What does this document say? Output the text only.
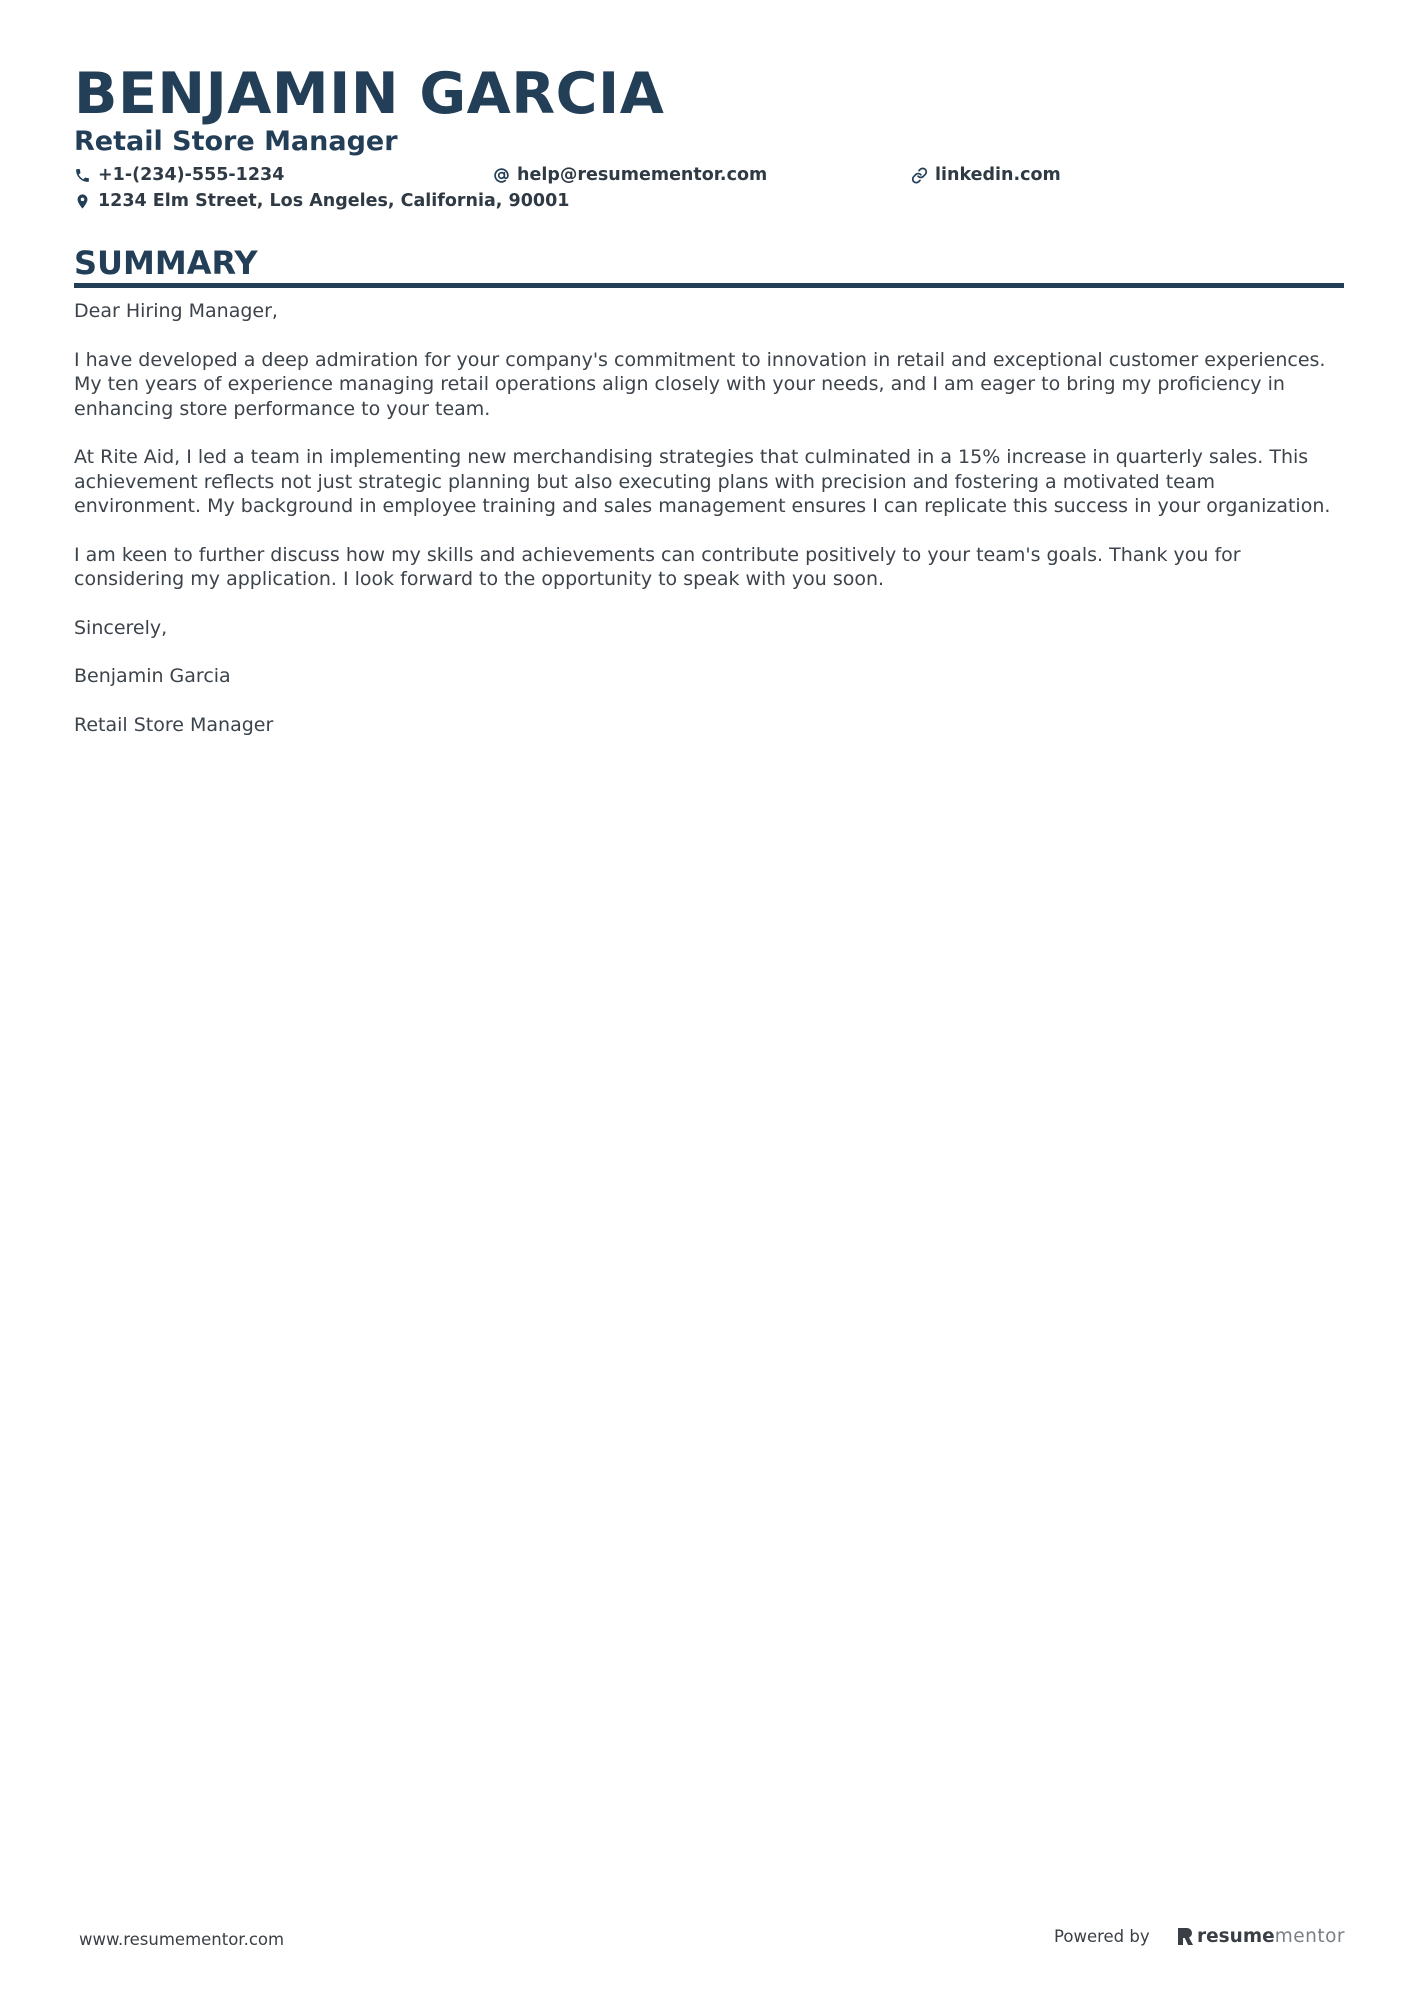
BENJAMIN GARCIA
Retail Store Manager
+1-(234)-555-1234	help@resumementor.com	linkedin.com
1234 Elm Street, Los Angeles, California, 90001
SUMMARY

Dear Hiring Manager,

I have developed a deep admiration for your company's commitment to innovation in retail and exceptional customer experiences. My ten years of experience managing retail operations align closely with your needs, and I am eager to bring my proficiency in enhancing store performance to your team.

At Rite Aid, I led a team in implementing new merchandising strategies that culminated in a 15% increase in quarterly sales. This achievement reflects not just strategic planning but also executing plans with precision and fostering a motivated team environment. My background in employee training and sales management ensures I can replicate this success in your organization.

I am keen to further discuss how my skills and achievements can contribute positively to your team's goals. Thank you for considering my application. I look forward to the opportunity to speak with you soon.

Sincerely,

Benjamin Garcia

Retail Store Manager

www.resumementor.com	Powered by	resume mentor
